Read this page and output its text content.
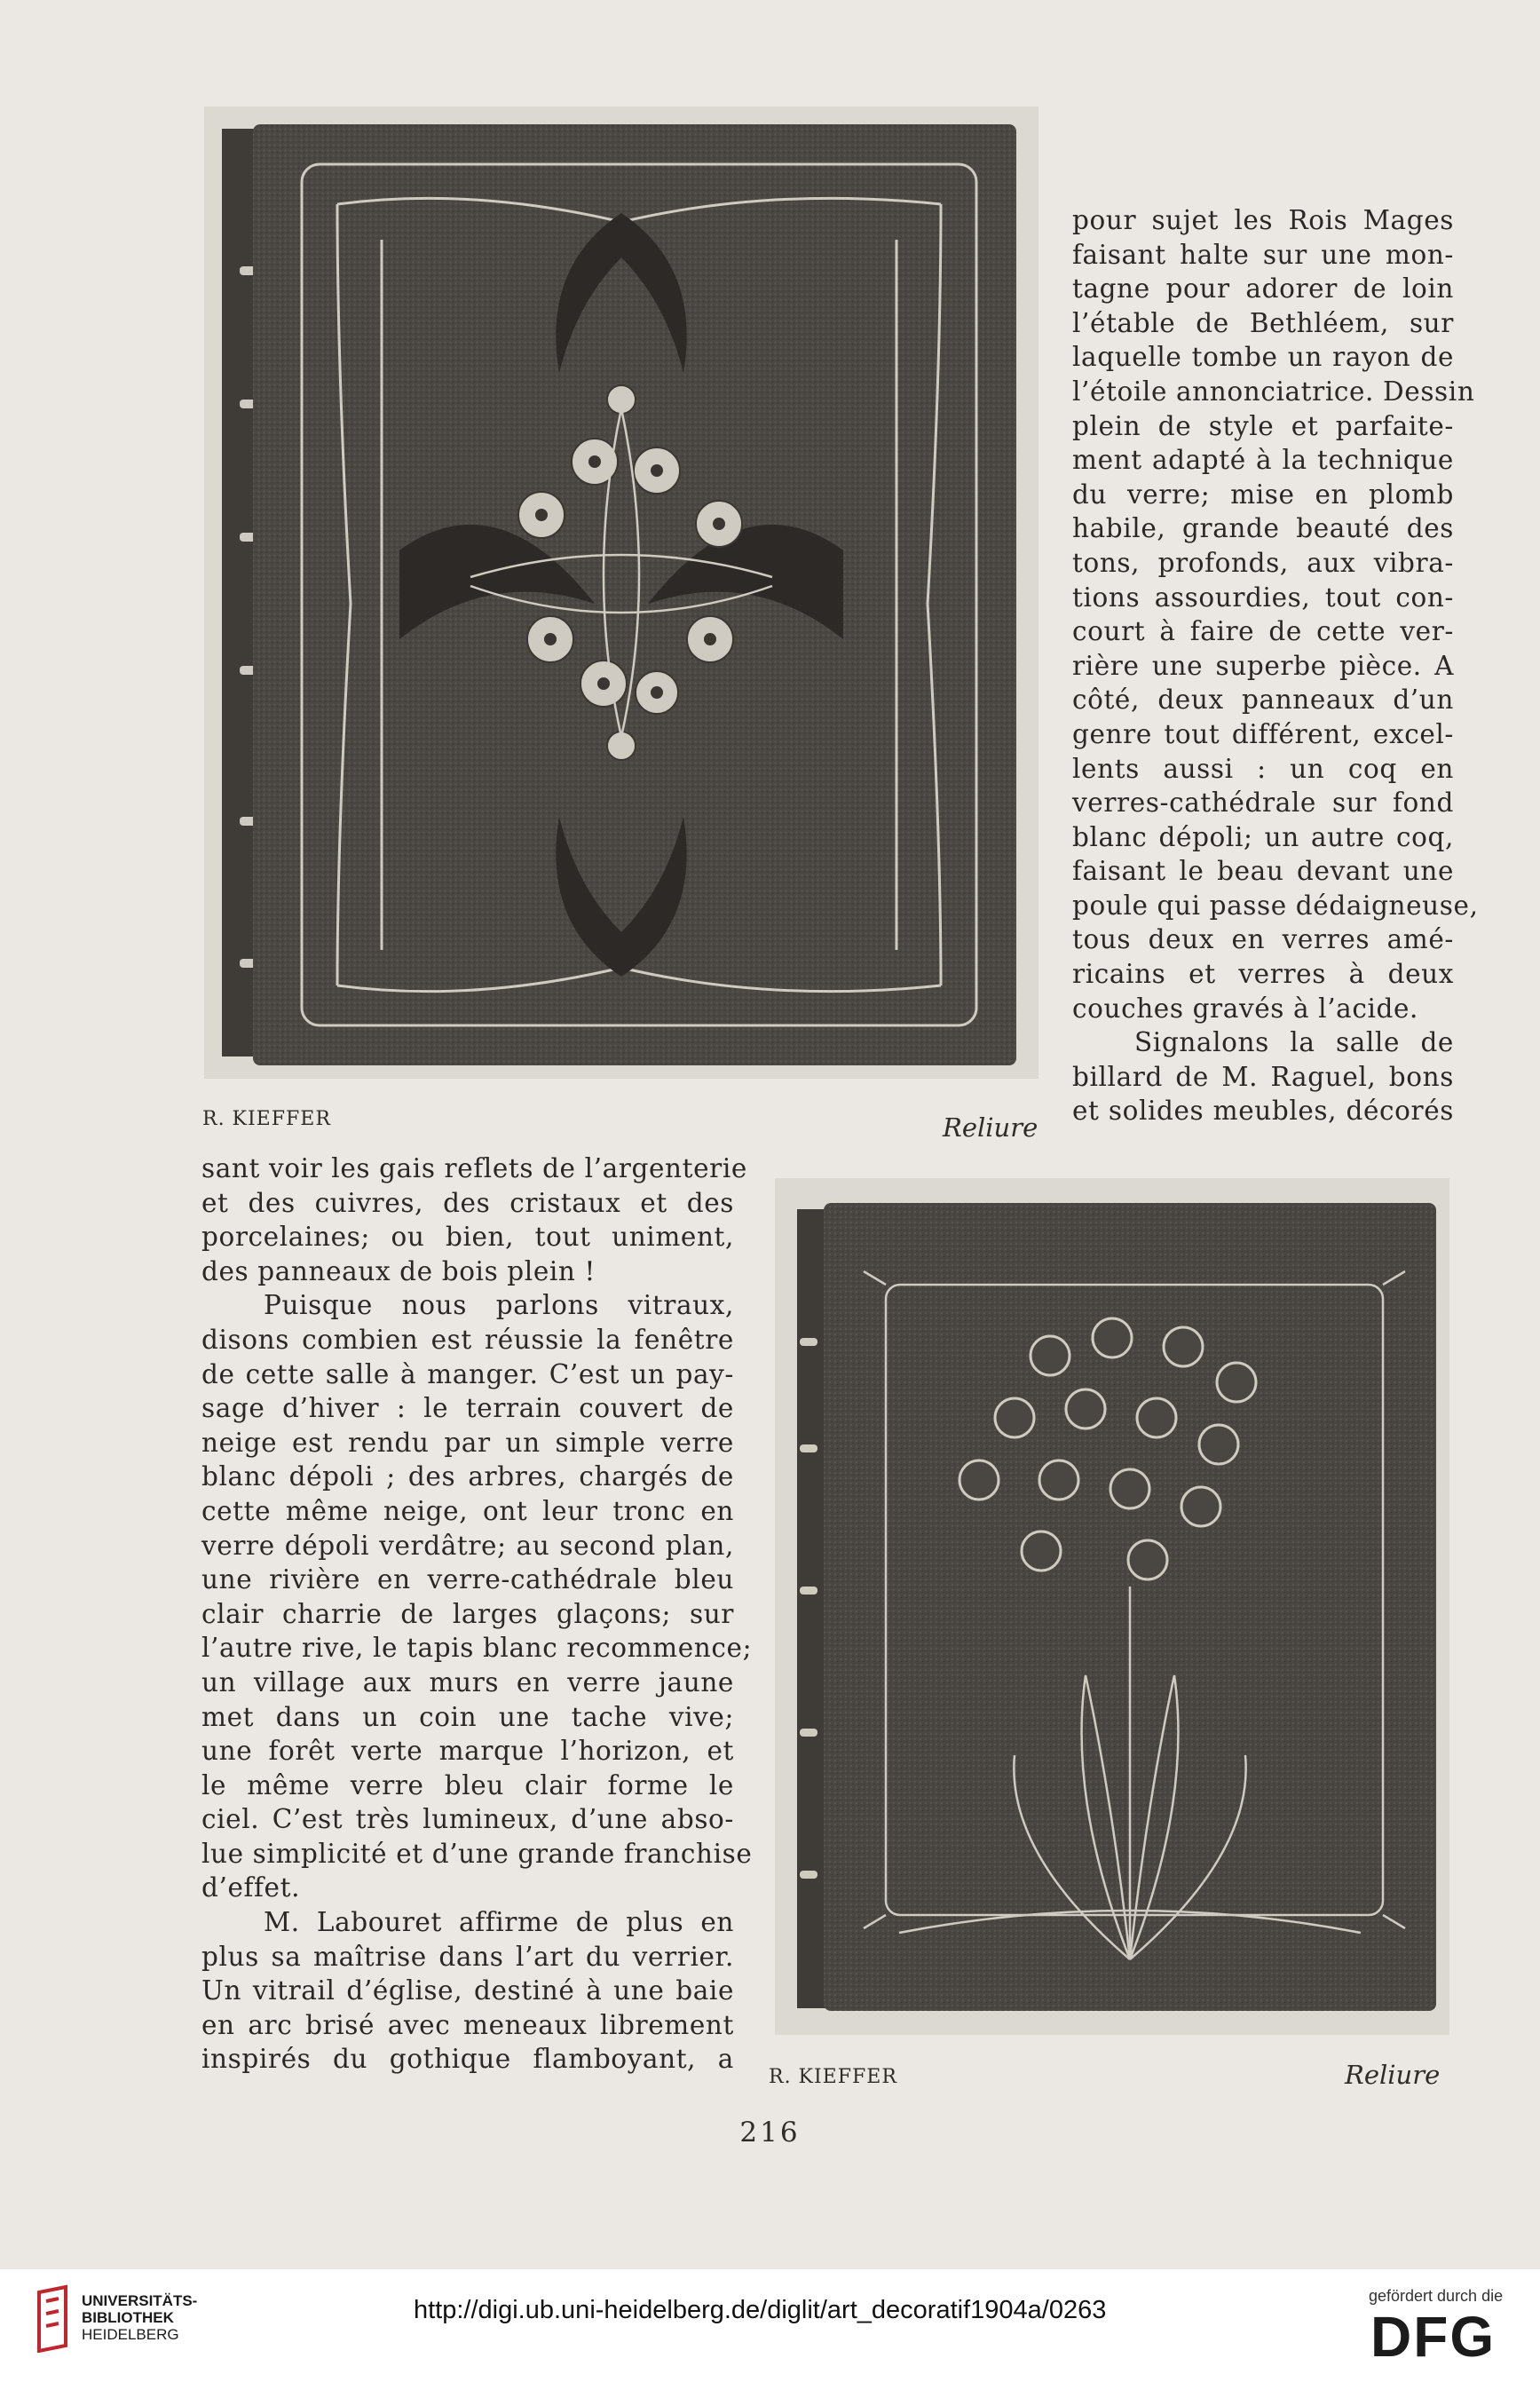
R. KIEFFER	Reliure
R. KIEFFER	Reliure
pour sujet les Rois Mages
faisant halte sur une mon-
tagne pour adorer de loin
l’étable de Bethléem, sur
laquelle tombe un rayon de
l’étoile annonciatrice. Dessin
plein de style et parfaite-
ment adapté à la technique
du verre; mise en plomb
habile, grande beauté des
tons, profonds, aux vibra-
tions assourdies, tout con-
court à faire de cette ver-
rière une superbe pièce. A
côté, deux panneaux d’un
genre tout différent, excel-
lents aussi : un coq en
verres-cathédrale sur fond
blanc dépoli; un autre coq,
faisant le beau devant une
poule qui passe dédaigneuse,
tous deux en verres amé-
ricains et verres à deux
couches gravés à l’acide.
Signalons la salle de
billard de M. Raguel, bons
et solides meubles, décorés
sant voir les gais reflets de l’argenterie
et des cuivres, des cristaux et des
porcelaines; ou bien, tout uniment,
des panneaux de bois plein !
Puisque nous parlons vitraux,
disons combien est réussie la fenêtre
de cette salle à manger. C’est un pay-
sage d’hiver : le terrain couvert de
neige est rendu par un simple verre
blanc dépoli ; des arbres, chargés de
cette même neige, ont leur tronc en
verre dépoli verdâtre; au second plan,
une rivière en verre-cathédrale bleu
clair charrie de larges glaçons; sur
l’autre rive, le tapis blanc recommence;
un village aux murs en verre jaune
met dans un coin une tache vive;
une forêt verte marque l’horizon, et
le même verre bleu clair forme le
ciel. C’est très lumineux, d’une abso-
lue simplicité et d’une grande franchise
d’effet.
M. Labouret affirme de plus en
plus sa maîtrise dans l’art du verrier.
Un vitrail d’église, destiné à une baie
en arc brisé avec meneaux librement
inspirés du gothique flamboyant, a
216
UNIVERSITÄTS-
BIBLIOTHEK
HEIDELBERG
http://digi.ub.uni-heidelberg.de/diglit/art_decoratif1904a/0263	gefördert durch die
DFG
